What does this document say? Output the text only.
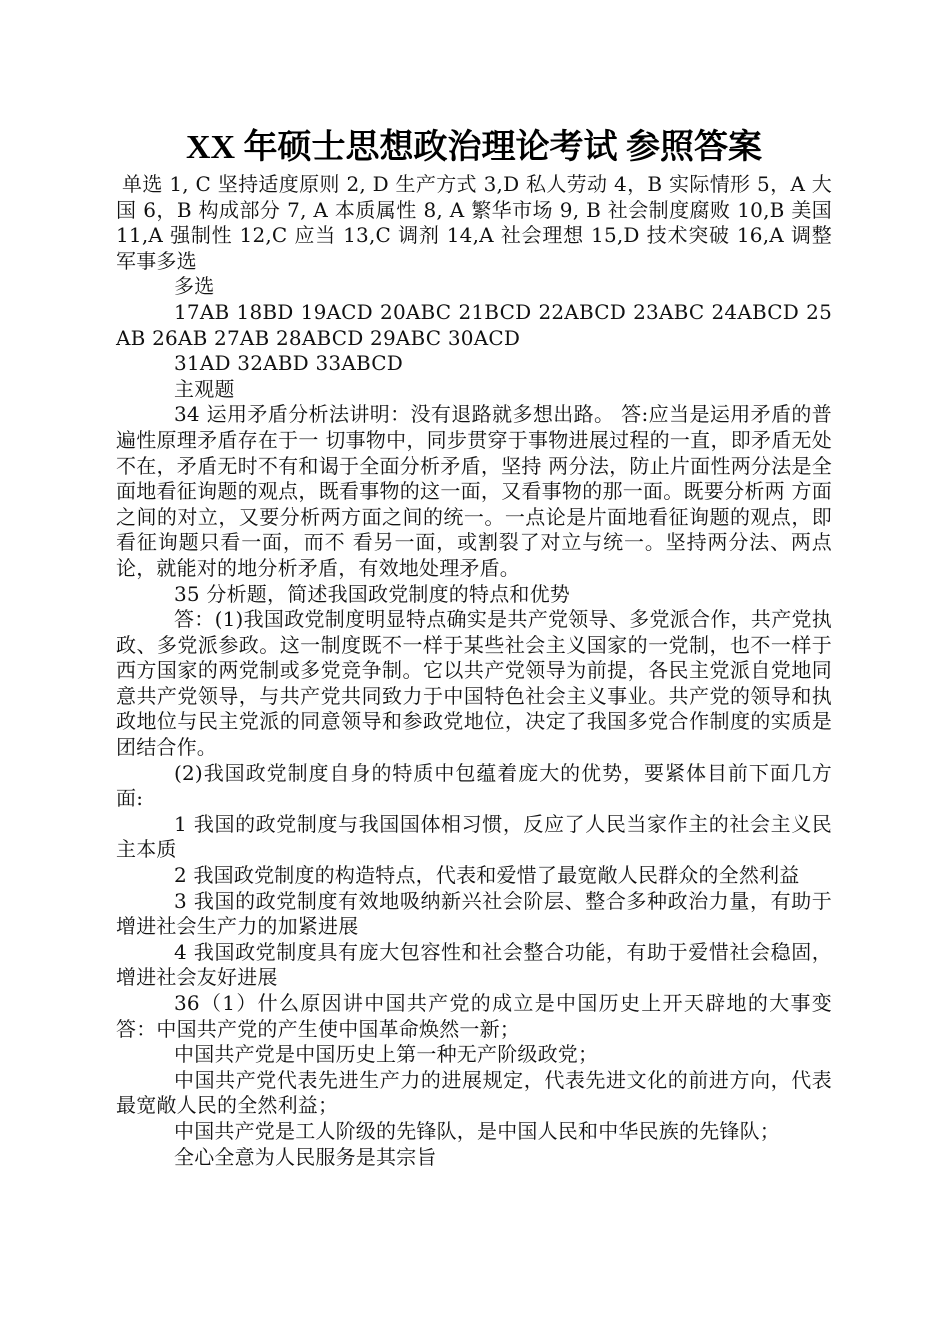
XX 年硕士思想政治理论考试 参照答案

单选 1, C 坚持适度原则 2, D 生产方式 3,D 私人劳动 4，B 实际情形 5，A 大国 6，B 构成部分 7, A 本质属性 8, A 繁华市场 9, B 社会制度腐败 10,B 美国 11,A 强制性 12,C 应当 13,C 调剂 14,A 社会理想 15,D 技术突破 16,A 调整军事多选

多选

17AB 18BD 19ACD 20ABC 21BCD 22ABCD 23ABC 24ABCD 25AB 26AB 27AB 28ABCD 29ABC 30ACD

31AD 32ABD 33ABCD

主观题

34 运用矛盾分析法讲明：没有退路就多想出路。 答:应当是运用矛盾的普遍性原理矛盾存在于一 切事物中，同步贯穿于事物进展过程的一直，即矛盾无处不在，矛盾无时不有和谒于全面分析矛盾，坚持 两分法，防止片面性两分法是全面地看征询题的观点，既看事物的这一面，又看事物的那一面。既要分析两 方面之间的对立，又要分析两方面之间的统一。一点论是片面地看征询题的观点，即看征询题只看一面，而不 看另一面，或割裂了对立与统一。坚持两分法、两点论，就能对的地分析矛盾，有效地处理矛盾。

35 分析题，简述我国政党制度的特点和优势

答：(1)我国政党制度明显特点确实是共产党领导、多党派合作，共产党执政、多党派参政。这一制度既不一样于某些社会主义国家的一党制，也不一样于西方国家的两党制或多党竞争制。它以共产党领导为前提，各民主党派自党地同意共产党领导，与共产党共同致力于中国特色社会主义事业。共产党的领导和执政地位与民主党派的同意领导和参政党地位，决定了我国多党合作制度的实质是团结合作。

(2)我国政党制度自身的特质中包蕴着庞大的优势，要紧体目前下面几方面:

1 我国的政党制度与我国国体相习惯，反应了人民当家作主的社会主义民主本质

2 我国政党制度的构造特点，代表和爱惜了最宽敞人民群众的全然利益

3 我国的政党制度有效地吸纳新兴社会阶层、整合多种政治力量，有助于增进社会生产力的加紧进展

4 我国政党制度具有庞大包容性和社会整合功能，有助于爱惜社会稳固，增进社会友好进展

36（1）什么原因讲中国共产党的成立是中国历史上开天辟地的大事变答：中国共产党的产生使中国革命焕然一新；

中国共产党是中国历史上第一种无产阶级政党；

中国共产党代表先进生产力的进展规定，代表先进文化的前进方向，代表最宽敞人民的全然利益；

中国共产党是工人阶级的先锋队，是中国人民和中华民族的先锋队；

全心全意为人民服务是其宗旨
